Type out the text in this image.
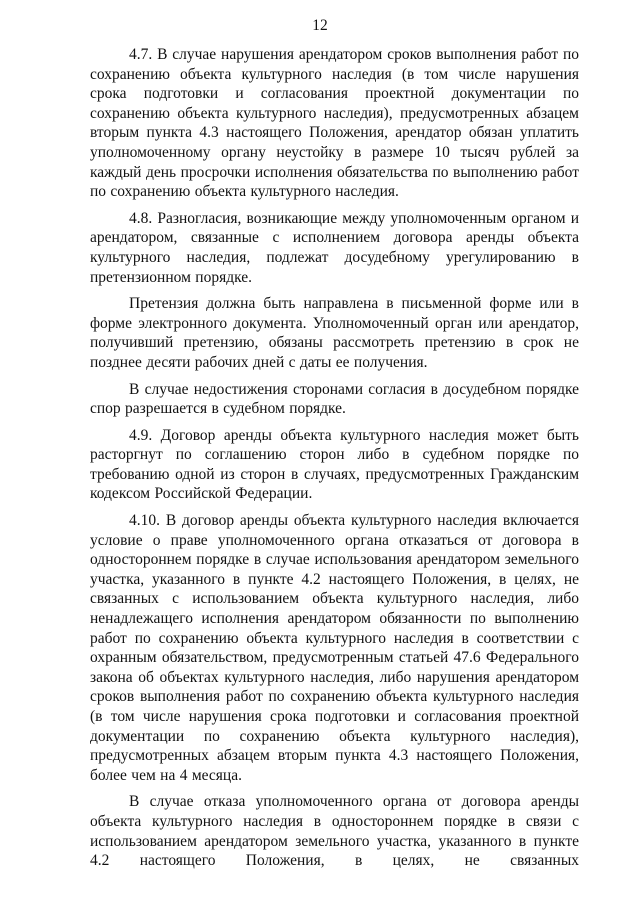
12

4.7. В случае нарушения арендатором сроков выполнения работ по сохранению объекта культурного наследия (в том числе нарушения срока подготовки и согласования проектной документации по сохранению объекта культурного наследия), предусмотренных абзацем вторым пункта 4.3 настоящего Положения, арендатор обязан уплатить уполномоченному органу неустойку в размере 10 тысяч рублей за каждый день просрочки исполнения обязательства по выполнению работ по сохранению объекта культурного наследия.

4.8. Разногласия, возникающие между уполномоченным органом и арендатором, связанные с исполнением договора аренды объекта культурного наследия, подлежат досудебному урегулированию в претензионном порядке.

Претензия должна быть направлена в письменной форме или в форме электронного документа. Уполномоченный орган или арендатор, получивший претензию, обязаны рассмотреть претензию в срок не позднее десяти рабочих дней с даты ее получения.

В случае недостижения сторонами согласия в досудебном порядке спор разрешается в судебном порядке.

4.9. Договор аренды объекта культурного наследия может быть расторгнут по соглашению сторон либо в судебном порядке по требованию одной из сторон в случаях, предусмотренных Гражданским кодексом Российской Федерации.

4.10. В договор аренды объекта культурного наследия включается условие о праве уполномоченного органа отказаться от договора в одностороннем порядке в случае использования арендатором земельного участка, указанного в пункте 4.2 настоящего Положения, в целях, не связанных с использованием объекта культурного наследия, либо ненадлежащего исполнения арендатором обязанности по выполнению работ по сохранению объекта культурного наследия в соответствии с охранным обязательством, предусмотренным статьей 47.6 Федерального закона об объектах культурного наследия, либо нарушения арендатором сроков выполнения работ по сохранению объекта культурного наследия (в том числе нарушения срока подготовки и согласования проектной документации по сохранению объекта культурного наследия), предусмотренных абзацем вторым пункта 4.3 настоящего Положения, более чем на 4 месяца.

В случае отказа уполномоченного органа от договора аренды объекта культурного наследия в одностороннем порядке в связи с использованием арендатором земельного участка, указанного в пункте 4.2 настоящего Положения, в целях, не связанных
